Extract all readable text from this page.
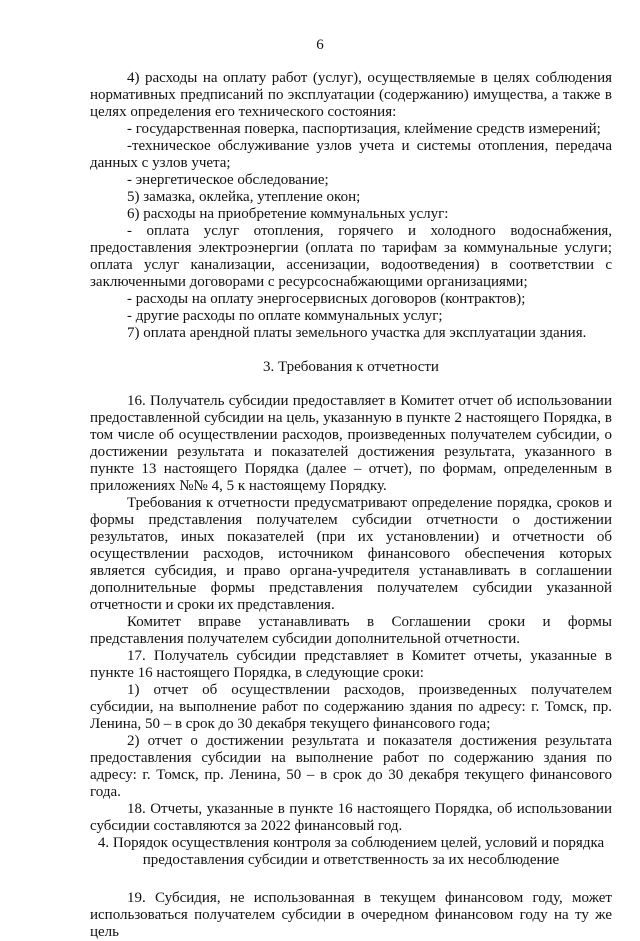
6

4) расходы на оплату работ (услуг), осуществляемые в целях соблюдения нормативных предписаний по эксплуатации (содержанию) имущества, а также в целях определения его технического состояния:

- государственная поверка, паспортизация, клеймение средств измерений;

-техническое обслуживание узлов учета и системы отопления, передача данных с узлов учета;

- энергетическое обследование;

5) замазка, оклейка, утепление окон;

6) расходы на приобретение коммунальных услуг:

- оплата услуг отопления, горячего и холодного водоснабжения, предоставления электроэнергии (оплата по тарифам за коммунальные услуги; оплата услуг канализации, ассенизации, водоотведения) в соответствии с заключенными договорами с ресурсоснабжающими организациями;

- расходы на оплату энергосервисных договоров (контрактов);

- другие расходы по оплате коммунальных услуг;

7) оплата арендной платы земельного участка для эксплуатации здания.

3. Требования к отчетности

16. Получатель субсидии предоставляет в Комитет отчет об использовании предоставленной субсидии на цель, указанную в пункте 2 настоящего Порядка, в том числе об осуществлении расходов, произведенных получателем субсидии, о достижении результата и показателей достижения результата, указанного в пункте 13 настоящего Порядка (далее – отчет), по формам, определенным в приложениях №№ 4, 5 к настоящему Порядку.

Требования к отчетности предусматривают определение порядка, сроков и формы представления получателем субсидии отчетности о достижении результатов, иных показателей (при их установлении) и отчетности об осуществлении расходов, источником финансового обеспечения которых является субсидия, и право органа-учредителя устанавливать в соглашении дополнительные формы представления получателем субсидии указанной отчетности и сроки их представления.

Комитет вправе устанавливать в Соглашении сроки и формы представления получателем субсидии дополнительной отчетности.

17. Получатель субсидии представляет в Комитет отчеты, указанные в пункте 16 настоящего Порядка, в следующие сроки:

1) отчет об осуществлении расходов, произведенных получателем субсидии, на выполнение работ по содержанию здания по адресу: г. Томск, пр. Ленина, 50 – в срок до 30 декабря текущего финансового года;

2) отчет о достижении результата и показателя достижения результата предоставления субсидии на выполнение работ по содержанию здания по адресу: г. Томск, пр. Ленина, 50 – в срок до 30 декабря текущего финансового года.

18. Отчеты, указанные в пункте 16 настоящего Порядка, об использовании субсидии составляются за 2022 финансовый год.

4. Порядок осуществления контроля за соблюдением целей, условий и порядка

предоставления субсидии и ответственность за их несоблюдение

19. Субсидия, не использованная в текущем финансовом году, может использоваться получателем субсидии в очередном финансовом году на ту же цель
